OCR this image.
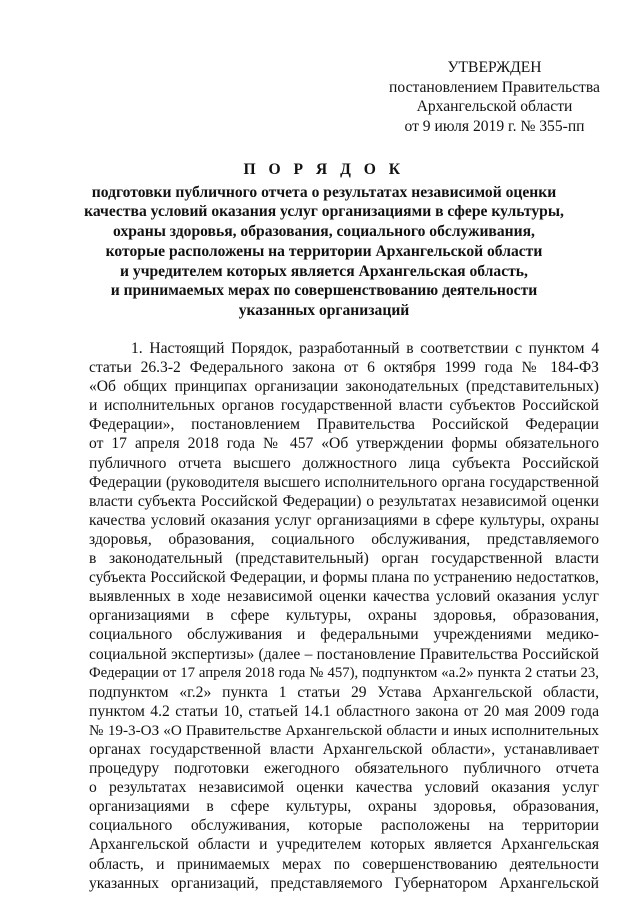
УТВЕРЖДЕН
постановлением Правительства
Архангельской области
от 9 июля 2019 г. № 355-пп
П О Р Я Д О К
подготовки публичного отчета о результатах независимой оценки
качества условий оказания услуг организациями в сфере культуры,
охраны здоровья, образования, социального обслуживания,
которые расположены на территории Архангельской области
и учредителем которых является Архангельская область,
и принимаемых мерах по совершенствованию деятельности
указанных организаций
1. Настоящий Порядок, разработанный в соответствии с пунктом 4
статьи 26.3-2 Федерального закона от 6 октября 1999 года № 184-ФЗ
«Об общих принципах организации законодательных (представительных)
и исполнительных органов государственной власти субъектов Российской
Федерации», постановлением Правительства Российской Федерации
от 17 апреля 2018 года № 457 «Об утверждении формы обязательного
публичного отчета высшего должностного лица субъекта Российской
Федерации (руководителя высшего исполнительного органа государственной
власти субъекта Российской Федерации) о результатах независимой оценки
качества условий оказания услуг организациями в сфере культуры, охраны
здоровья, образования, социального обслуживания, представляемого
в законодательный (представительный) орган государственной власти
субъекта Российской Федерации, и формы плана по устранению недостатков,
выявленных в ходе независимой оценки качества условий оказания услуг
организациями в сфере культуры, охраны здоровья, образования,
социального обслуживания и федеральными учреждениями медико-
социальной экспертизы» (далее – постановление Правительства Российской
Федерации от 17 апреля 2018 года № 457), подпунктом «а.2» пункта 2 статьи 23,
подпунктом «г.2» пункта 1 статьи 29 Устава Архангельской области,
пунктом 4.2 статьи 10, статьей 14.1 областного закона от 20 мая 2009 года
№ 19-3-ОЗ «О Правительстве Архангельской области и иных исполнительных
органах государственной власти Архангельской области», устанавливает
процедуру подготовки ежегодного обязательного публичного отчета
о результатах независимой оценки качества условий оказания услуг
организациями в сфере культуры, охраны здоровья, образования,
социального обслуживания, которые расположены на территории
Архангельской области и учредителем которых является Архангельская
область, и принимаемых мерах по совершенствованию деятельности
указанных организаций, представляемого Губернатором Архангельской
